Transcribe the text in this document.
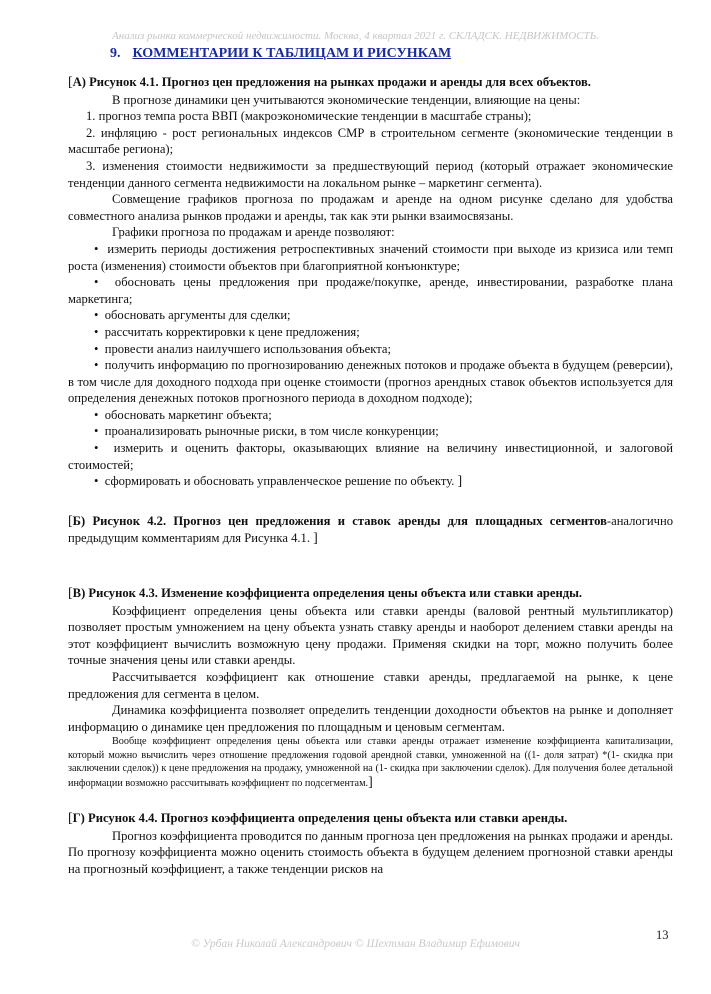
Анализ рынка коммерческой недвижимости. Москва, 4 квартал 2021 г. СКЛАДСК. НЕДВИЖИМОСТЬ.
9. КОММЕНТАРИИ К ТАБЛИЦАМ И РИСУНКАМ

[А) Рисунок 4.1. Прогноз цен предложения на рынках продажи и аренды для всех объектов.

В прогнозе динамики цен учитываются экономические тенденции, влияющие на цены:

1. прогноз темпа роста ВВП (макроэкономические тенденции в масштабе страны);

2. инфляцию - рост региональных индексов СМР в строительном сегменте (экономические тенденции в масштабе региона);

3. изменения стоимости недвижимости за предшествующий период (который отражает экономические тенденции данного сегмента недвижимости на локальном рынке – маркетинг сегмента).

Совмещение графиков прогноза по продажам и аренде на одном рисунке сделано для удобства совместного анализа рынков продажи и аренды, так как эти рынки взаимосвязаны.

Графики прогноза по продажам и аренде позволяют:

•  измерить периоды достижения ретроспективных значений стоимости при выходе из кризиса или темп роста (изменения) стоимости объектов при благоприятной конъюнктуре;

•  обосновать цены предложения при продаже/покупке, аренде, инвестировании, разработке плана маркетинга;

•  обосновать аргументы для сделки;

•  рассчитать корректировки к цене предложения;

•  провести анализ наилучшего использования объекта;

•  получить информацию по прогнозированию денежных потоков и продаже объекта в будущем (реверсии), в том числе для доходного подхода при оценке стоимости (прогноз арендных ставок объектов используется для определения денежных потоков прогнозного периода в доходном подходе);

•  обосновать маркетинг объекта;

•  проанализировать рыночные риски, в том числе конкуренции;

•  измерить и оценить факторы, оказывающих влияние на величину инвестиционной, и залоговой стоимостей;

•  сформировать и обосновать управленческое решение по объекту. ]

[Б) Рисунок 4.2. Прогноз цен предложения и ставок аренды для площадных сегментов-аналогично предыдущим комментариям для Рисунка 4.1. ]

[В) Рисунок 4.3. Изменение коэффициента определения цены объекта или ставки аренды.

Коэффициент определения цены объекта или ставки аренды (валовой рентный мультипликатор) позволяет простым умножением на цену объекта узнать ставку аренды и наоборот делением ставки аренды на этот коэффициент вычислить возможную цену продажи. Применяя скидки на торг, можно получить более точные значения цены или ставки аренды.

Рассчитывается коэффициент как отношение ставки аренды, предлагаемой на рынке, к цене предложения для сегмента в целом.

Динамика коэффициента позволяет определить тенденции доходности объектов на рынке и дополняет информацию о динамике цен предложения по площадным и ценовым сегментам.

Вообще коэффициент определения цены объекта или ставки аренды отражает изменение коэффициента капитализации, который можно вычислить через отношение предложения годовой арендной ставки, умноженной на ((1- доля затрат) *(1- скидка при заключении сделок)) к цене предложения на продажу, умноженной на (1- скидка при заключении сделок). Для получения более детальной информации возможно рассчитывать коэффициент по подсегментам.]

[Г) Рисунок 4.4. Прогноз коэффициента определения цены объекта или ставки аренды.

Прогноз коэффициента проводится по данным прогноза цен предложения на рынках продажи и аренды. По прогнозу коэффициента можно оценить стоимость объекта в будущем делением прогнозной ставки аренды на прогнозный коэффициент, а также тенденции рисков на

13
© Урбан Николай Александрович © Шехтман Владимир Ефимович
